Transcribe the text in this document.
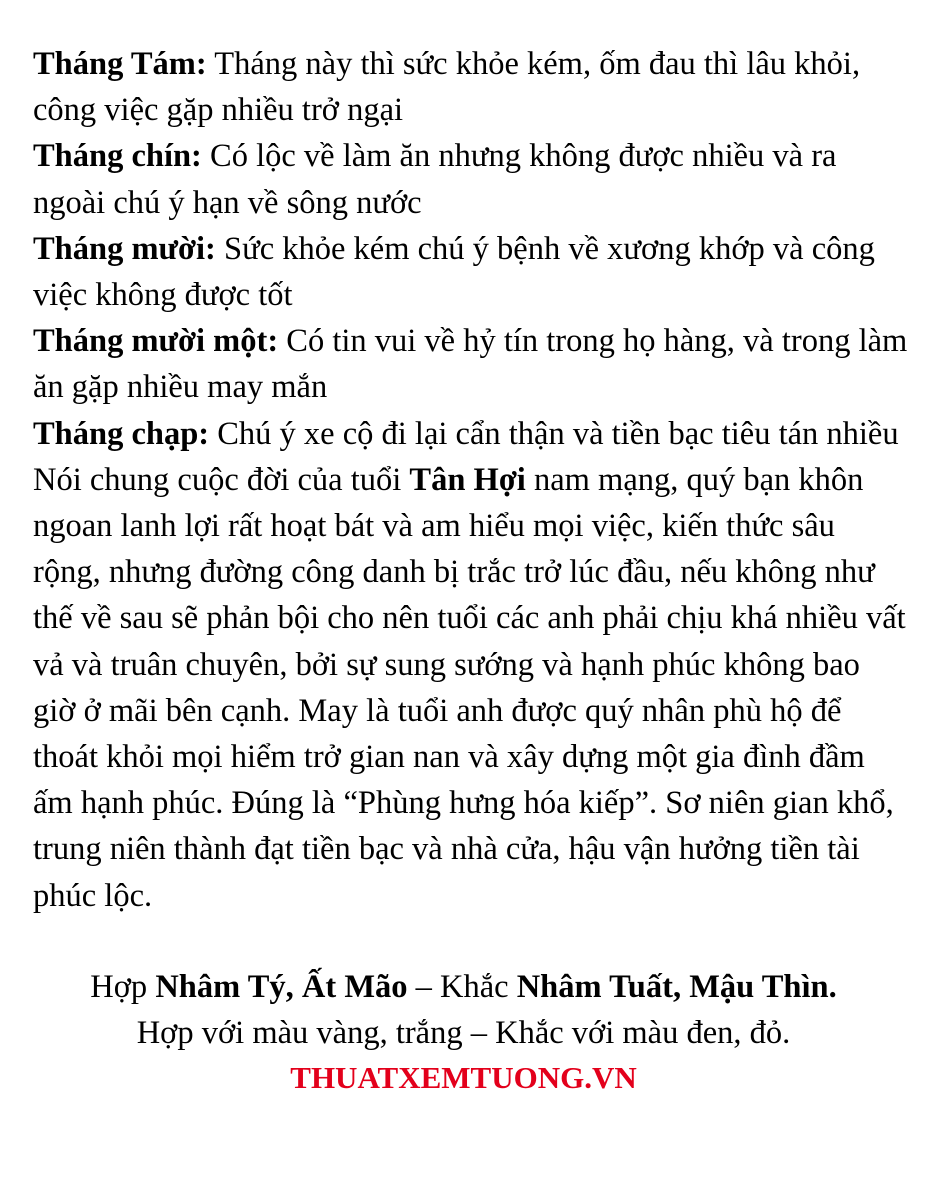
Tháng Tám: Tháng này thì sức khỏe kém, ốm đau thì lâu khỏi, công việc gặp nhiều trở ngại

Tháng chín: Có lộc về làm ăn nhưng không được nhiều và ra ngoài chú ý hạn về sông nước

Tháng mười: Sức khỏe kém chú ý bệnh về xương khớp và công việc không được tốt

Tháng mười một: Có tin vui về hỷ tín trong họ hàng, và trong làm ăn gặp nhiều may mắn

Tháng chạp: Chú ý xe cộ đi lại cẩn thận và tiền bạc tiêu tán nhiều

Nói chung cuộc đời của tuổi Tân Hợi nam mạng, quý bạn khôn ngoan lanh lợi rất hoạt bát và am hiểu mọi việc, kiến thức sâu rộng, nhưng đường công danh bị trắc trở lúc đầu, nếu không như thế về sau sẽ phản bội cho nên tuổi các anh phải chịu khá nhiều vất vả và truân chuyên, bởi sự sung sướng và hạnh phúc không bao giờ ở mãi bên cạnh. May là tuổi anh được quý nhân phù hộ để thoát khỏi mọi hiểm trở gian nan và xây dựng một gia đình đầm ấm hạnh phúc. Đúng là “Phùng hưng hóa kiếp”. Sơ niên gian khổ, trung niên thành đạt tiền bạc và nhà cửa, hậu vận hưởng tiền tài phúc lộc.

Hợp Nhâm Tý, Ất Mão – Khắc Nhâm Tuất, Mậu Thìn.

Hợp với màu vàng, trắng – Khắc với màu đen, đỏ.

THUATXEMTUONG.VN
